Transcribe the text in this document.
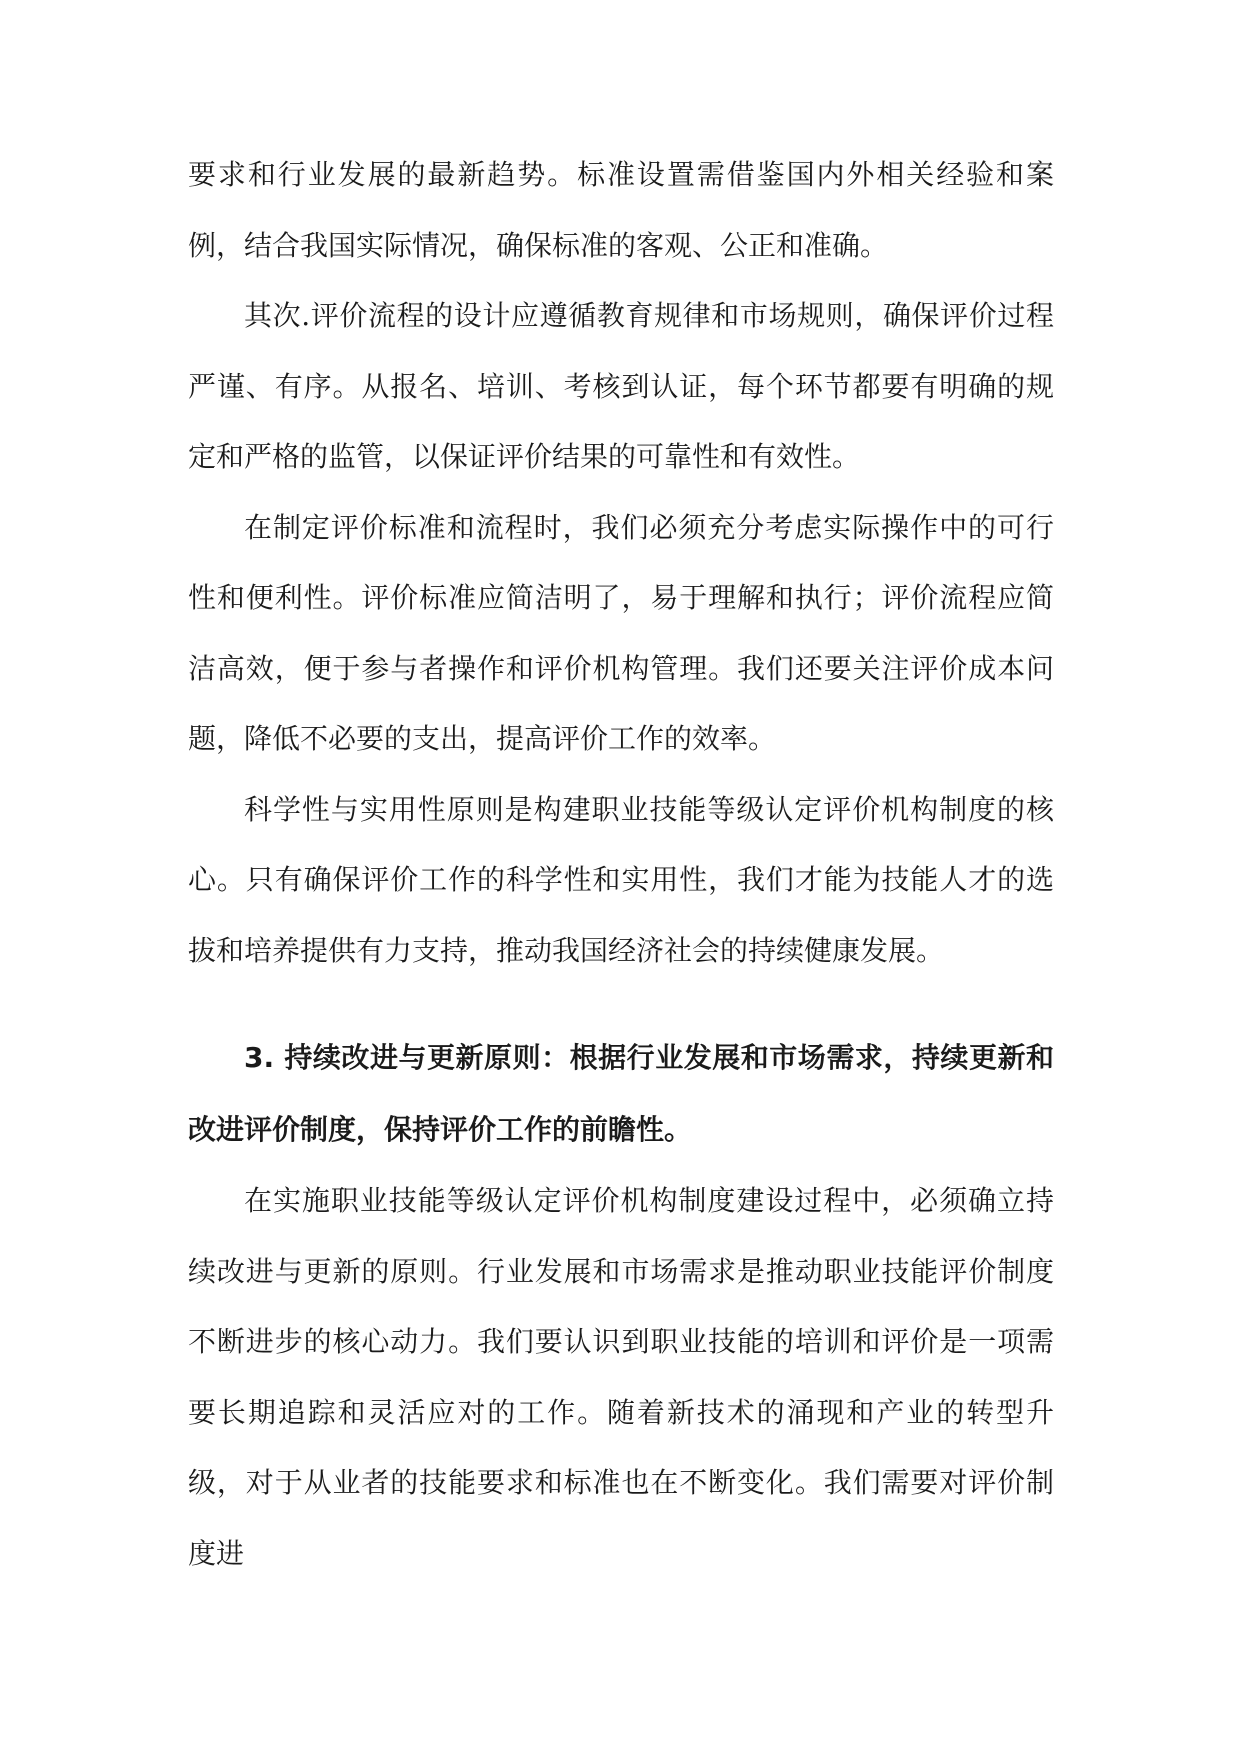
要求和行业发展的最新趋势。标准设置需借鉴国内外相关经验和案例，结合我国实际情况，确保标准的客观、公正和准确。

其次.评价流程的设计应遵循教育规律和市场规则，确保评价过程严谨、有序。从报名、培训、考核到认证，每个环节都要有明确的规定和严格的监管，以保证评价结果的可靠性和有效性。

在制定评价标准和流程时，我们必须充分考虑实际操作中的可行性和便利性。评价标准应简洁明了，易于理解和执行；评价流程应简洁高效，便于参与者操作和评价机构管理。我们还要关注评价成本问题，降低不必要的支出，提高评价工作的效率。

科学性与实用性原则是构建职业技能等级认定评价机构制度的核心。只有确保评价工作的科学性和实用性，我们才能为技能人才的选拔和培养提供有力支持，推动我国经济社会的持续健康发展。

3. 持续改进与更新原则：根据行业发展和市场需求，持续更新和改进评价制度，保持评价工作的前瞻性。

在实施职业技能等级认定评价机构制度建设过程中，必须确立持续改进与更新的原则。行业发展和市场需求是推动职业技能评价制度不断进步的核心动力。我们要认识到职业技能的培训和评价是一项需要长期追踪和灵活应对的工作。随着新技术的涌现和产业的转型升级，对于从业者的技能要求和标准也在不断变化。我们需要对评价制度进
